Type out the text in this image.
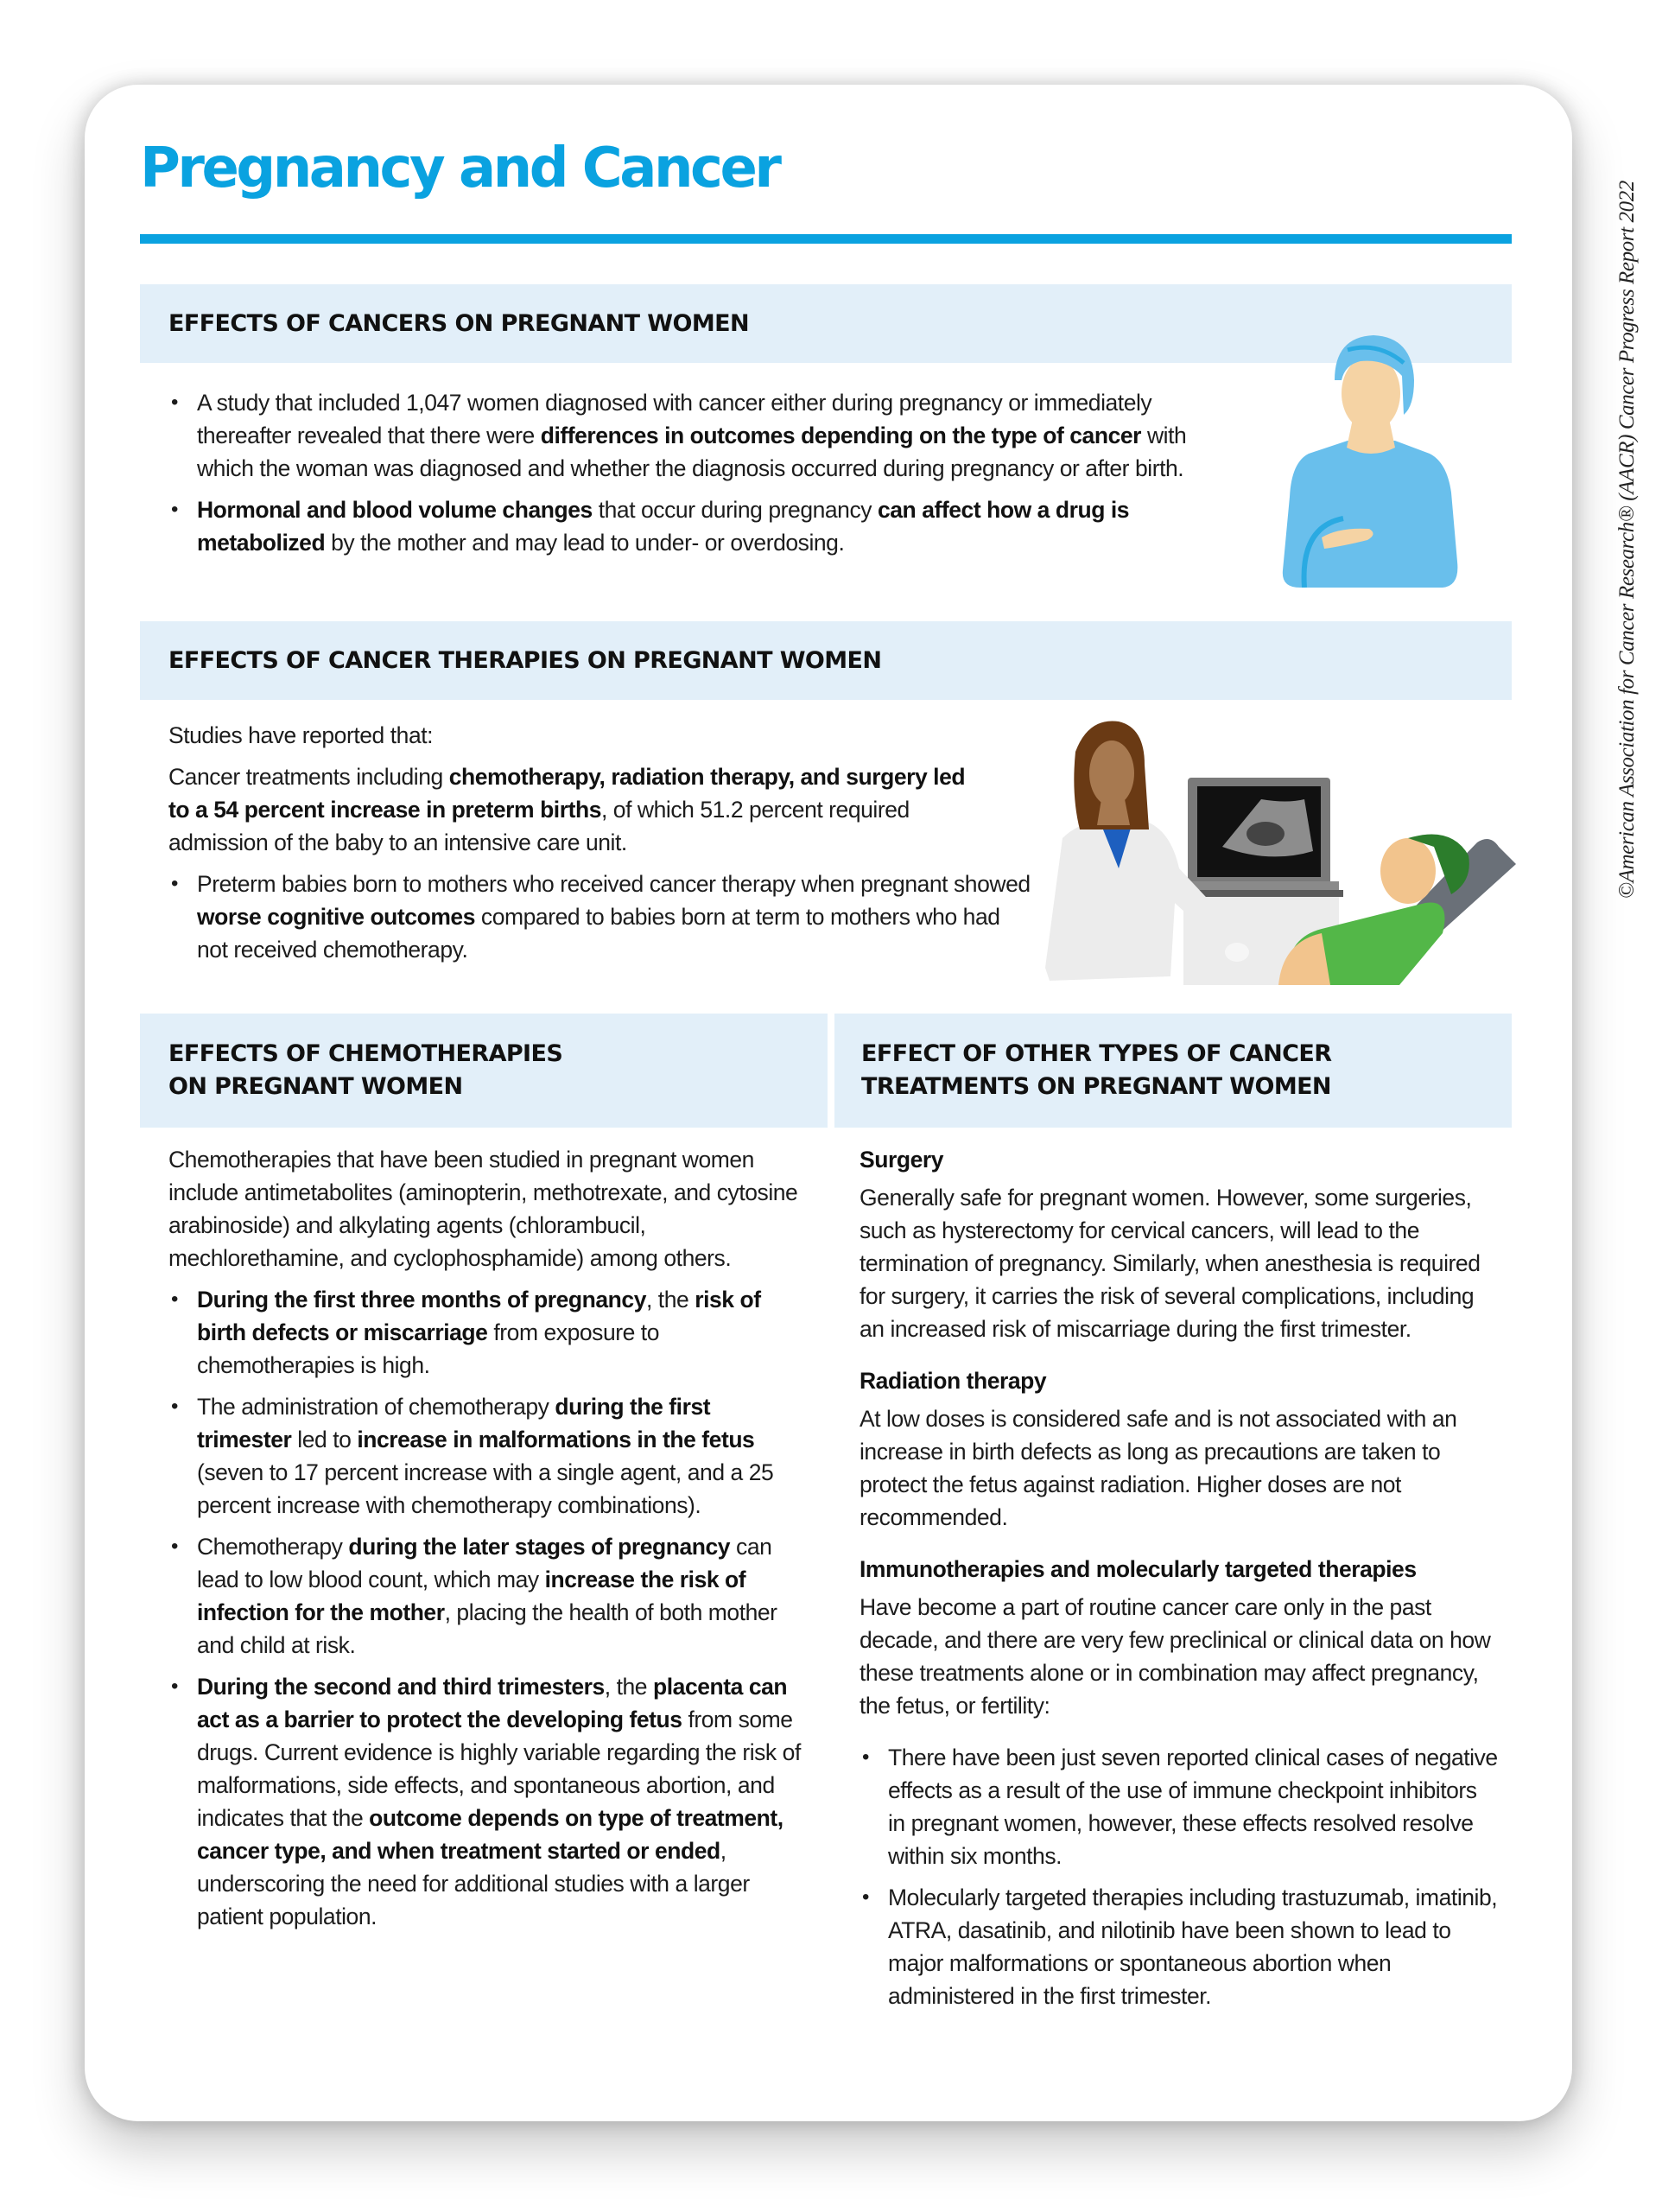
Pregnancy and Cancer
©American Association for Cancer Research® (AACR) Cancer Progress Report 2022
EFFECTS OF CANCERS ON PREGNANT WOMEN
• A study that included 1,047 women diagnosed with cancer either during pregnancy or immediately thereafter revealed that there were differences in outcomes depending on the type of cancer with which the woman was diagnosed and whether the diagnosis occurred during pregnancy or after birth.
• Hormonal and blood volume changes that occur during pregnancy can affect how a drug is metabolized by the mother and may lead to under- or overdosing.
EFFECTS OF CANCER THERAPIES ON PREGNANT WOMEN

Studies have reported that:

Cancer treatments including chemotherapy, radiation therapy, and surgery led to a 54 percent increase in preterm births, of which 51.2 percent required admission of the baby to an intensive care unit.

• Preterm babies born to mothers who received cancer therapy when pregnant showed worse cognitive outcomes compared to babies born at term to mothers who had not received chemotherapy.
EFFECTS OF CHEMOTHERAPIES
ON PREGNANT WOMEN

Chemotherapies that have been studied in pregnant women include antimetabolites (aminopterin, methotrexate, and cytosine arabinoside) and alkylating agents (chlorambucil, mechlorethamine, and cyclophosphamide) among others.

• During the first three months of pregnancy, the risk of birth defects or miscarriage from exposure to chemotherapies is high.
• The administration of chemotherapy during the first trimester led to increase in malformations in the fetus (seven to 17 percent increase with a single agent, and a 25 percent increase with chemotherapy combinations).
• Chemotherapy during the later stages of pregnancy can lead to low blood count, which may increase the risk of infection for the mother, placing the health of both mother and child at risk.
• During the second and third trimesters, the placenta can act as a barrier to protect the developing fetus from some drugs. Current evidence is highly variable regarding the risk of malformations, side effects, and spontaneous abortion, and indicates that the outcome depends on type of treatment, cancer type, and when treatment started or ended, underscoring the need for additional studies with a larger patient population.
EFFECT OF OTHER TYPES OF CANCER
TREATMENTS ON PREGNANT WOMEN

Surgery

Generally safe for pregnant women. However, some surgeries, such as hysterectomy for cervical cancers, will lead to the termination of pregnancy. Similarly, when anesthesia is required for surgery, it carries the risk of several complications, including an increased risk of miscarriage during the first trimester.

Radiation therapy

At low doses is considered safe and is not associated with an increase in birth defects as long as precautions are taken to protect the fetus against radiation. Higher doses are not recommended.

Immunotherapies and molecularly targeted therapies

Have become a part of routine cancer care only in the past decade, and there are very few preclinical or clinical data on how these treatments alone or in combination may affect pregnancy, the fetus, or fertility:

• There have been just seven reported clinical cases of negative effects as a result of the use of immune checkpoint inhibitors in pregnant women, however, these effects resolved resolve within six months.
• Molecularly targeted therapies including trastuzumab, imatinib, ATRA, dasatinib, and nilotinib have been shown to lead to major malformations or spontaneous abortion when administered in the first trimester.
